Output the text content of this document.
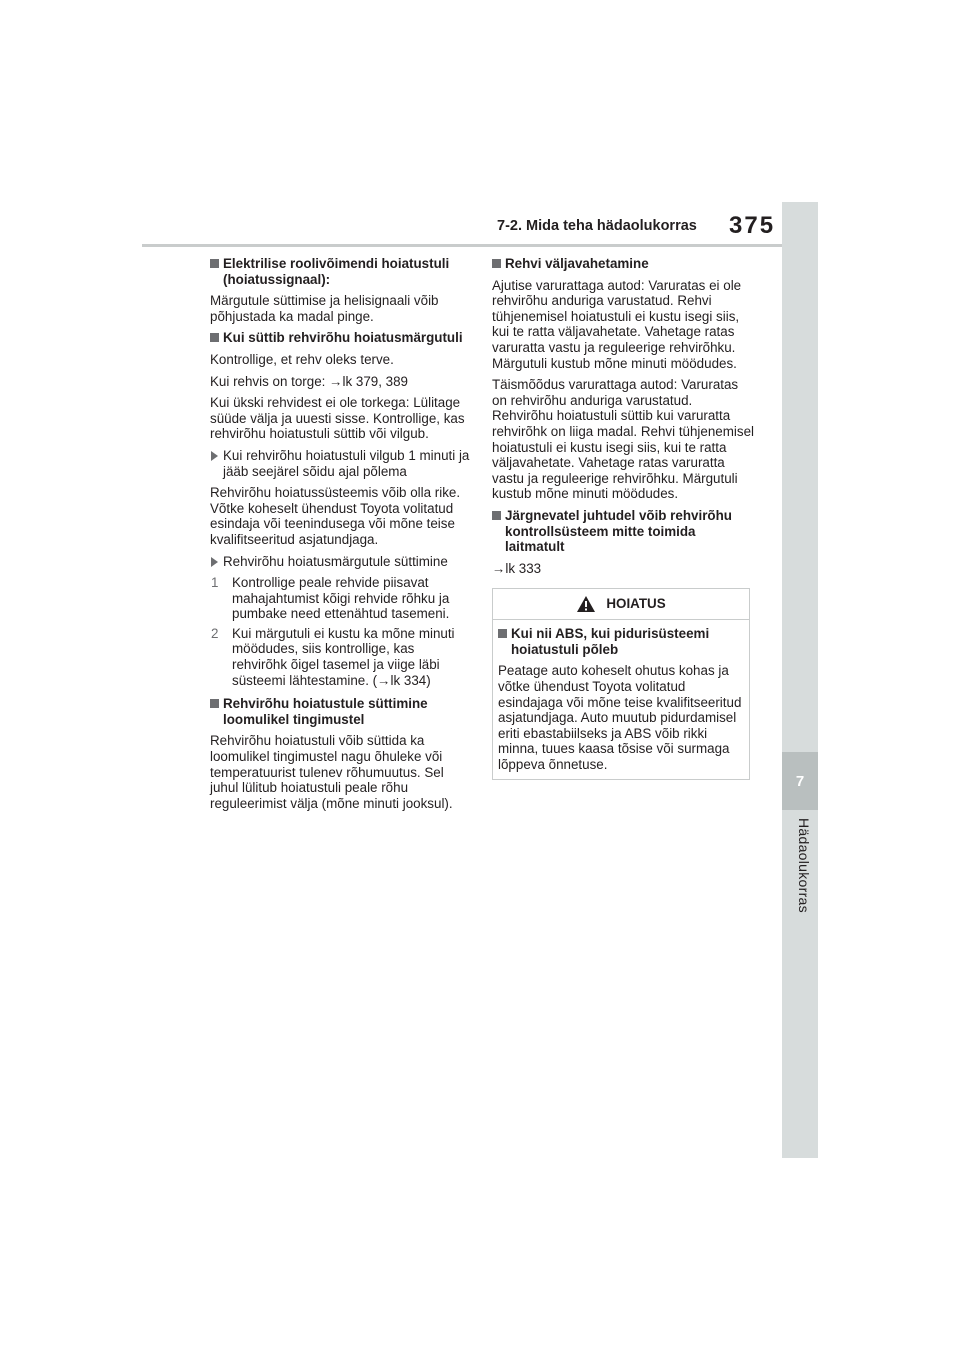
7-2. Mida teha hädaolukorras 375
7
Hädaolukorras
Elektrilise roolivõimendi hoiatustuli (hoiatussignaal):

Märgutule süttimise ja helisignaali võib põhjustada ka madal pinge.

Kui süttib rehvirõhu hoiatusmärgutuli

Kontrollige, et rehv oleks terve.

Kui rehvis on torge: →lk 379, 389

Kui ükski rehvidest ei ole torkega: Lülitage süüde välja ja uuesti sisse. Kontrollige, kas rehvirõhu hoiatustuli süttib või vilgub.

Kui rehvirõhu hoiatustuli vilgub 1 minuti ja jääb seejärel sõidu ajal põlema

Rehvirõhu hoiatussüsteemis võib olla rike. Võtke koheselt ühendust Toyota volitatud esindaja või teenindusega või mõne teise kvalifitseeritud asjatundjaga.

Rehvirõhu hoiatusmärgutule süttimine
1 Kontrollige peale rehvide piisavat mahajahtumist kõigi rehvide rõhku ja pumbake need ettenähtud tasemeni.
2 Kui märgutuli ei kustu ka mõne minuti möödudes, siis kontrollige, kas rehvirõhk õigel tasemel ja viige läbi süsteemi lähtestamine. (→lk 334)
Rehvirõhu hoiatustule süttimine loomulikel tingimustel

Rehvirõhu hoiatustuli võib süttida ka loomulikel tingimustel nagu õhuleke või temperatuurist tulenev rõhumuutus. Sel juhul lülitub hoiatustuli peale rõhu reguleerimist välja (mõne minuti jooksul).

Rehvi väljavahetamine

Ajutise varurattaga autod: Varuratas ei ole rehvirõhu anduriga varustatud. Rehvi tühjenemisel hoiatustuli ei kustu isegi siis, kui te ratta väljavahetate. Vahetage ratas varuratta vastu ja reguleerige rehvirõhku. Märgutuli kustub mõne minuti möödudes.

Täismõõdus varurattaga autod: Varuratas on rehvirõhu anduriga varustatud. Rehvirõhu hoiatustuli süttib kui varuratta rehvirõhk on liiga madal. Rehvi tühjenemisel hoiatustuli ei kustu isegi siis, kui te ratta väljavahetate. Vahetage ratas varuratta vastu ja reguleerige rehvirõhku. Märgutuli kustub mõne minuti möödudes.

Järgnevatel juhtudel võib rehvirõhu kontrollsüsteem mitte toimida laitmatult

→lk 333

HOIATUS
Kui nii ABS, kui pidurisüsteemi hoiatustuli põleb

Peatage auto koheselt ohutus kohas ja võtke ühendust Toyota volitatud esindajaga või mõne teise kvalifitseeritud asjatundjaga. Auto muutub pidurdamisel eriti ebastabiilseks ja ABS võib rikki minna, tuues kaasa tõsise või surmaga lõppeva õnnetuse.
